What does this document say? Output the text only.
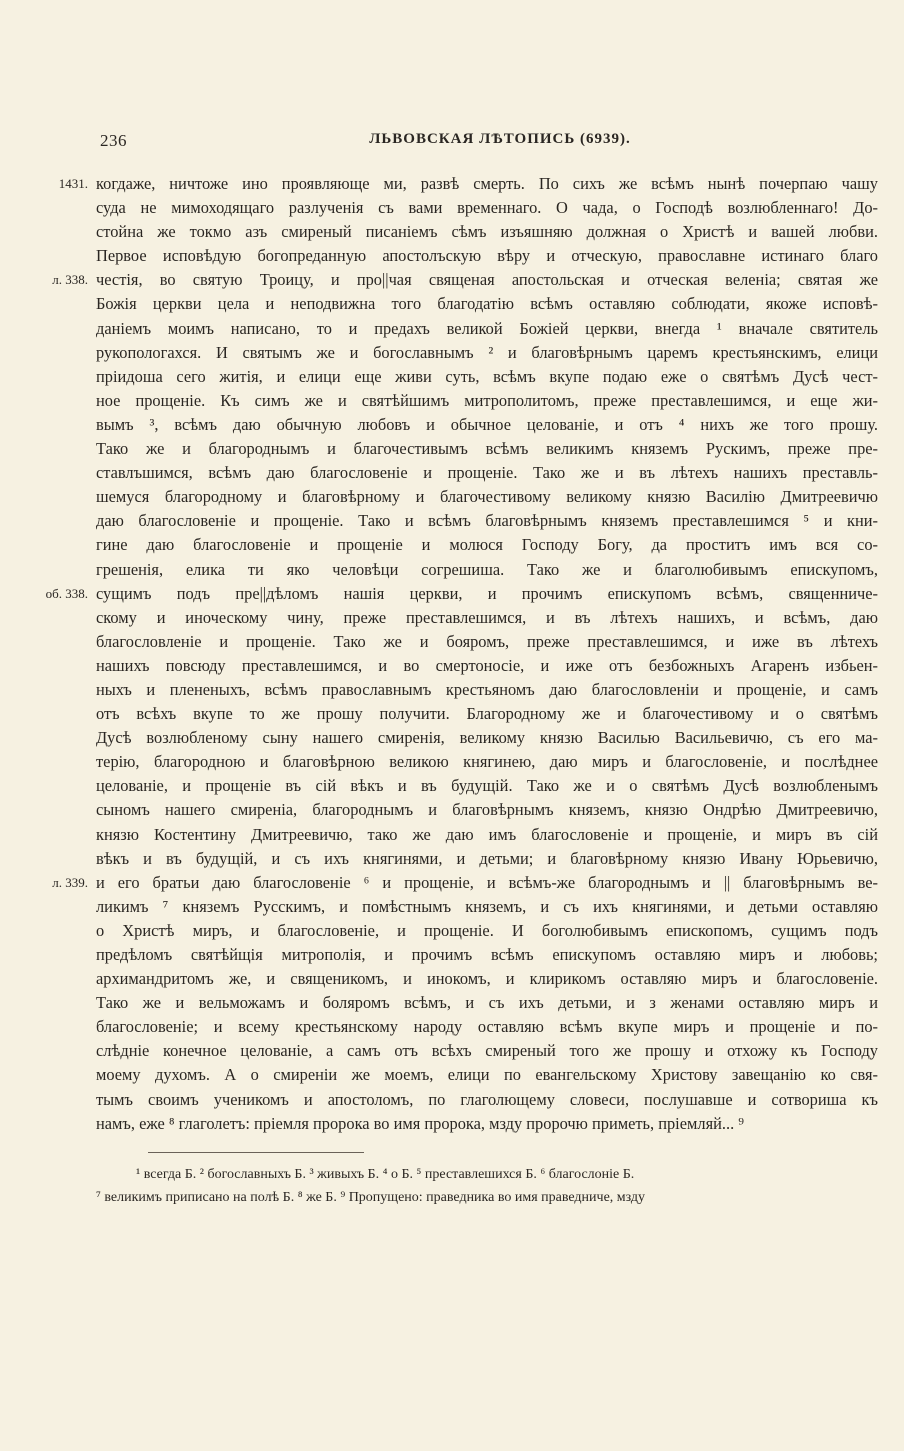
236	ЛЬВОВСКАЯ ЛѢТОПИСЬ (6939).
1431. когдаже, ничтоже ино проявляюще ми, развѣ смерть. По сихъ же всѣмъ нынѣ почерпаю чашу
суда не мимоходящаго разлученія съ вами временнаго. О чада, о Господѣ возлюбленнаго! До-
стойна же токмо азъ смиреный писаніемъ сѣмъ изъяшняю должная о Христѣ и вашей любви.
Первое исповѣдую богопреданную апостолъскую вѣру и отческую, православне истинаго благо
л. 338. честія, во святую Троицу, и про||чая священая апостольская и отческая веленіа; святая же
Божія церкви цела и неподвижна того благодатію всѣмъ оставляю соблюдати, якоже исповѣ-
даніемъ моимъ написано, то и предахъ великой Божіей церкви, внегда ¹ вначале святитель
рукопологахся. И святымъ же и богославнымъ ² и благовѣрнымъ царемъ крестьянскимъ, елици
пріидоша сего житія, и елици еще живи суть, всѣмъ вкупе подаю еже о святѣмъ Дусѣ чест-
ное прощеніе. Къ симъ же и святѣйшимъ митрополитомъ, преже преставлешимся, и еще жи-
вымъ ³, всѣмъ даю обычную любовъ и обычное целованіе, и отъ ⁴ нихъ же того прошу.
Тако же и благороднымъ и благочестивымъ всѣмъ великимъ княземъ Рускимъ, преже пре-
ставлъшимся, всѣмъ даю благословеніе и прощеніе. Тако же и въ лѣтехъ нашихъ преставль-
шемуся благородному и благовѣрному и благочестивому великому князю Василію Дмитреевичю
даю благословеніе и прощеніе. Тако и всѣмъ благовѣрнымъ княземъ преставлешимся ⁵ и кни-
гине даю благословеніе и прощеніе и молюся Господу Богу, да проститъ имъ вся со-
грешенія, елика ти яко человѣци согрешиша. Тако же и благолюбивымъ епискупомъ,
об. 338. сущимъ подъ пре||дѣломъ нашія церкви, и прочимъ епискупомъ всѣмъ, священниче-
скому и иноческому чину, преже преставлешимся, и въ лѣтехъ нашихъ, и всѣмъ, даю
благословленіе и прощеніе. Тако же и бояромъ, преже преставлешимся, и иже въ лѣтехъ
нашихъ повсюду преставлешимся, и во смертоносіе, и иже отъ безбожныхъ Агаренъ избьен-
ныхъ и плененыхъ, всѣмъ православнымъ крестьяномъ даю благословленіи и прощеніе, и самъ
отъ всѣхъ вкупе то же прошу получити. Благородному же и благочестивому и о святѣмъ
Дусѣ возлюбленому сыну нашего смиренія, великому князю Василью Васильевичю, съ его ма-
терію, благородною и благовѣрною великою княгинею, даю миръ и благословеніе, и послѣднее
целованіе, и прощеніе въ сій вѣкъ и въ будущій. Тако же и о святѣмъ Дусѣ возлюбленымъ
сыномъ нашего смиреніа, благороднымъ и благовѣрнымъ княземъ, князю Ондрѣю Дмитреевичю,
князю Костентину Дмитреевичю, тако же даю имъ благословеніе и прощеніе, и миръ въ сій
вѣкъ и въ будущій, и съ ихъ княгинями, и детьми; и благовѣрному князю Ивану Юрьевичю,
л. 339. и его братьи даю благословеніе ⁶ и прощеніе, и всѣмъ-же благороднымъ и || благовѣрнымъ ве-
ликимъ ⁷ княземъ Русскимъ, и помѣстнымъ княземъ, и съ ихъ княгинями, и детьми оставляю
о Христѣ миръ, и благословеніе, и прощеніе. И боголюбивымъ епископомъ, сущимъ подъ
предѣломъ святѣйщія митрополія, и прочимъ всѣмъ епискупомъ оставляю миръ и любовь;
архимандритомъ же, и священикомъ, и инокомъ, и клирикомъ оставляю миръ и благословеніе.
Тако же и вельможамъ и боляромъ всѣмъ, и съ ихъ детьми, и з женами оставляю миръ и
благословеніе; и всему крестьянскому народу оставляю всѣмъ вкупе миръ и прощеніе и по-
слѣдніе конечное целованіе, а самъ отъ всѣхъ смиреный того же прошу и отхожу къ Господу
моему духомъ. А о смиреніи же моемъ, елици по евангельскому Христову завещанію ко свя-
тымъ своимъ ученикомъ и апостоломъ, по глаголющему словеси, послушавше и сотворишa къ
намъ, еже ⁸ глаголетъ: пріемля пророка во имя пророка, мзду пророчю приметь, пріемляй... ⁹
¹ всегда Б. ² богославныхъ Б. ³ живыхъ Б. ⁴ о Б. ⁵ преставлешихся Б. ⁶ благослоніе Б.
⁷ великимъ приписано на полѣ Б. ⁸ же Б. ⁹ Пропущено: праведника во имя праведниче, мзду
